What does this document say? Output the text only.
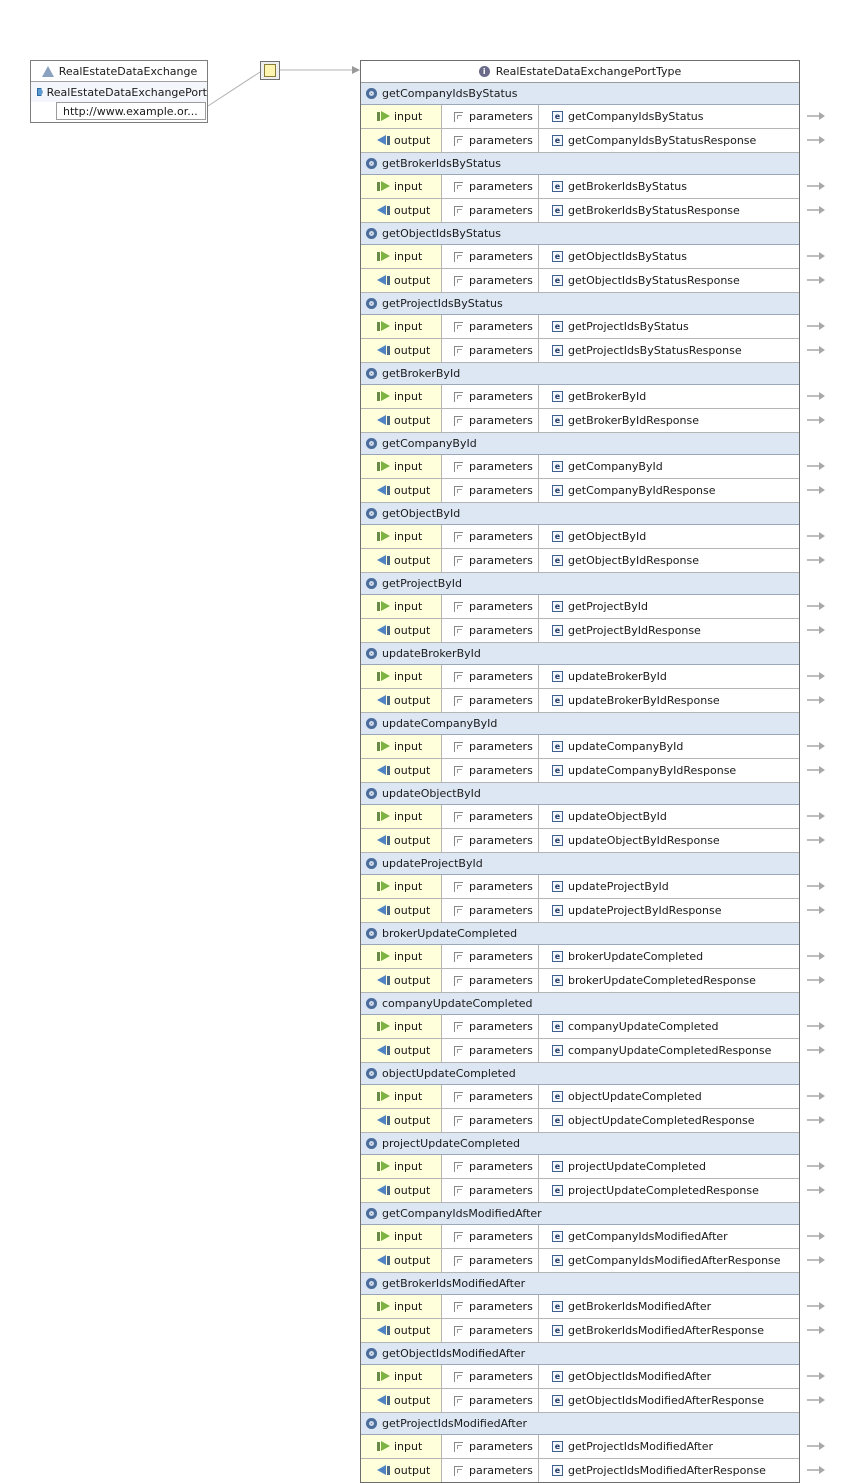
RealEstateDataExchange
RealEstateDataExchangePort
http://www.example.or...
i RealEstateDataExchangePortType
getCompanyIdsByStatus
input	parameters	e getCompanyIdsByStatus
output	parameters	e getCompanyIdsByStatusResponse
getBrokerIdsByStatus
input	parameters	e getBrokerIdsByStatus
output	parameters	e getBrokerIdsByStatusResponse
getObjectIdsByStatus
input	parameters	e getObjectIdsByStatus
output	parameters	e getObjectIdsByStatusResponse
getProjectIdsByStatus
input	parameters	e getProjectIdsByStatus
output	parameters	e getProjectIdsByStatusResponse
getBrokerById
input	parameters	e getBrokerById
output	parameters	e getBrokerByIdResponse
getCompanyById
input	parameters	e getCompanyById
output	parameters	e getCompanyByIdResponse
getObjectById
input	parameters	e getObjectById
output	parameters	e getObjectByIdResponse
getProjectById
input	parameters	e getProjectById
output	parameters	e getProjectByIdResponse
updateBrokerById
input	parameters	e updateBrokerById
output	parameters	e updateBrokerByIdResponse
updateCompanyById
input	parameters	e updateCompanyById
output	parameters	e updateCompanyByIdResponse
updateObjectById
input	parameters	e updateObjectById
output	parameters	e updateObjectByIdResponse
updateProjectById
input	parameters	e updateProjectById
output	parameters	e updateProjectByIdResponse
brokerUpdateCompleted
input	parameters	e brokerUpdateCompleted
output	parameters	e brokerUpdateCompletedResponse
companyUpdateCompleted
input	parameters	e companyUpdateCompleted
output	parameters	e companyUpdateCompletedResponse
objectUpdateCompleted
input	parameters	e objectUpdateCompleted
output	parameters	e objectUpdateCompletedResponse
projectUpdateCompleted
input	parameters	e projectUpdateCompleted
output	parameters	e projectUpdateCompletedResponse
getCompanyIdsModifiedAfter
input	parameters	e getCompanyIdsModifiedAfter
output	parameters	e getCompanyIdsModifiedAfterResponse
getBrokerIdsModifiedAfter
input	parameters	e getBrokerIdsModifiedAfter
output	parameters	e getBrokerIdsModifiedAfterResponse
getObjectIdsModifiedAfter
input	parameters	e getObjectIdsModifiedAfter
output	parameters	e getObjectIdsModifiedAfterResponse
getProjectIdsModifiedAfter
input	parameters	e getProjectIdsModifiedAfter
output	parameters	e getProjectIdsModifiedAfterResponse
